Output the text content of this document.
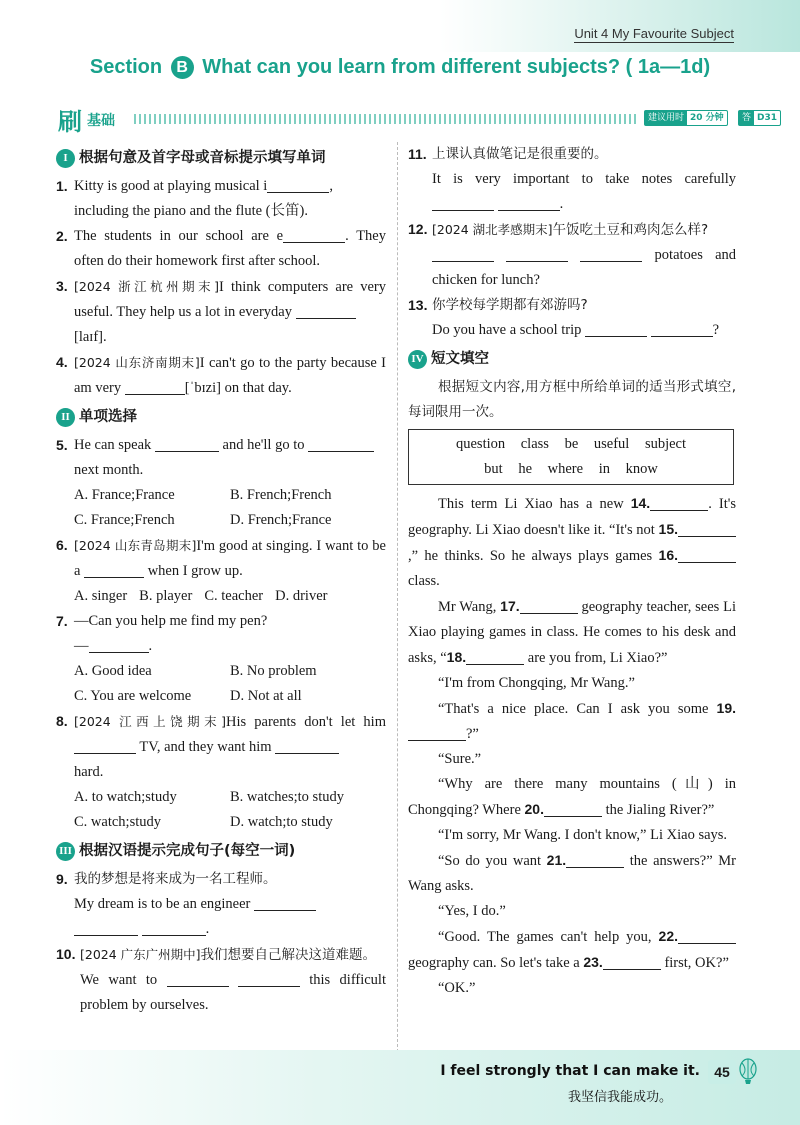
Unit 4 My Favourite Subject
Section B What can you learn from different subjects? ( 1a—1d)
刷 基础	建议用时 20 分钟	答案
D31
I 根据句意及首字母或音标提示填写单词
1. Kitty is good at playing musical i	,
including the piano and the flute (长笛).
2. The students in our school are e	. They often do their homework first after school.
3. [2024 浙江杭州期末]I think computers are very useful. They help us a lot in everyday
[laɪf].
4. [2024 山东济南期末]I can't go to the party because I am very	[ˈbɪzi] on that day.
II 单项选择
5. He can speak	and he'll go to
next month.
A. France;France	B. French;French
C. France;French	D. French;France
6. [2024 山东青岛期末]I'm good at singing. I want to be a	when I grow up.
A. singer B. player C. teacher D. driver
7. —Can you help me find my pen?
—	.
A. Good idea	B. No problem
C. You are welcome	D. Not at all
8. [2024 江西上饶期末]His parents don't let him  TV, and they want him
hard.
A. to watch;study	B. watches;to study
C. watch;study	D. watch;to study
III 根据汉语提示完成句子(每空一词)
9. 我的梦想是将来成为一名工程师。
My dream is to be an engineer
.
10. [2024 广东广州期中]我们想要自己解决这道难题。
We want to	this difficult problem by ourselves.
11. 上课认真做笔记是很重要的。
It is very important to take notes carefully  .
12. [2024 湖北孝感期末]午饭吃土豆和鸡肉怎么样?
potatoes and chicken for lunch?
13. 你学校每学期都有郊游吗?
Do you have a school trip	?
IV 短文填空
根据短文内容,用方框中所给单词的适当形式填空,每词限用一次。
question class be useful subject
but he where in know
This term Li Xiao has a new 14.	. It's geography. Li Xiao doesn't like it. “It's not 15.,” he thinks. So he always plays games 16. class.
Mr Wang, 17.	geography teacher, sees Li Xiao playing games in class. He comes to his desk and asks, “18.	are you from, Li Xiao?”
“I'm from Chongqing, Mr Wang.”
“That's a nice place. Can I ask you some 19.?”
“Sure.”
“Why are there many mountains (山) in Chongqing? Where 20.	the Jialing River?”
“I'm sorry, Mr Wang. I don't know,” Li Xiao says.
“So do you want 21.	the answers?” Mr Wang asks.
“Yes, I do.”
“Good. The games can't help you, 22. geography can. So let's take a 23.	first, OK?”
“OK.”
I feel strongly that I can make it.
我坚信我能成功。
45
